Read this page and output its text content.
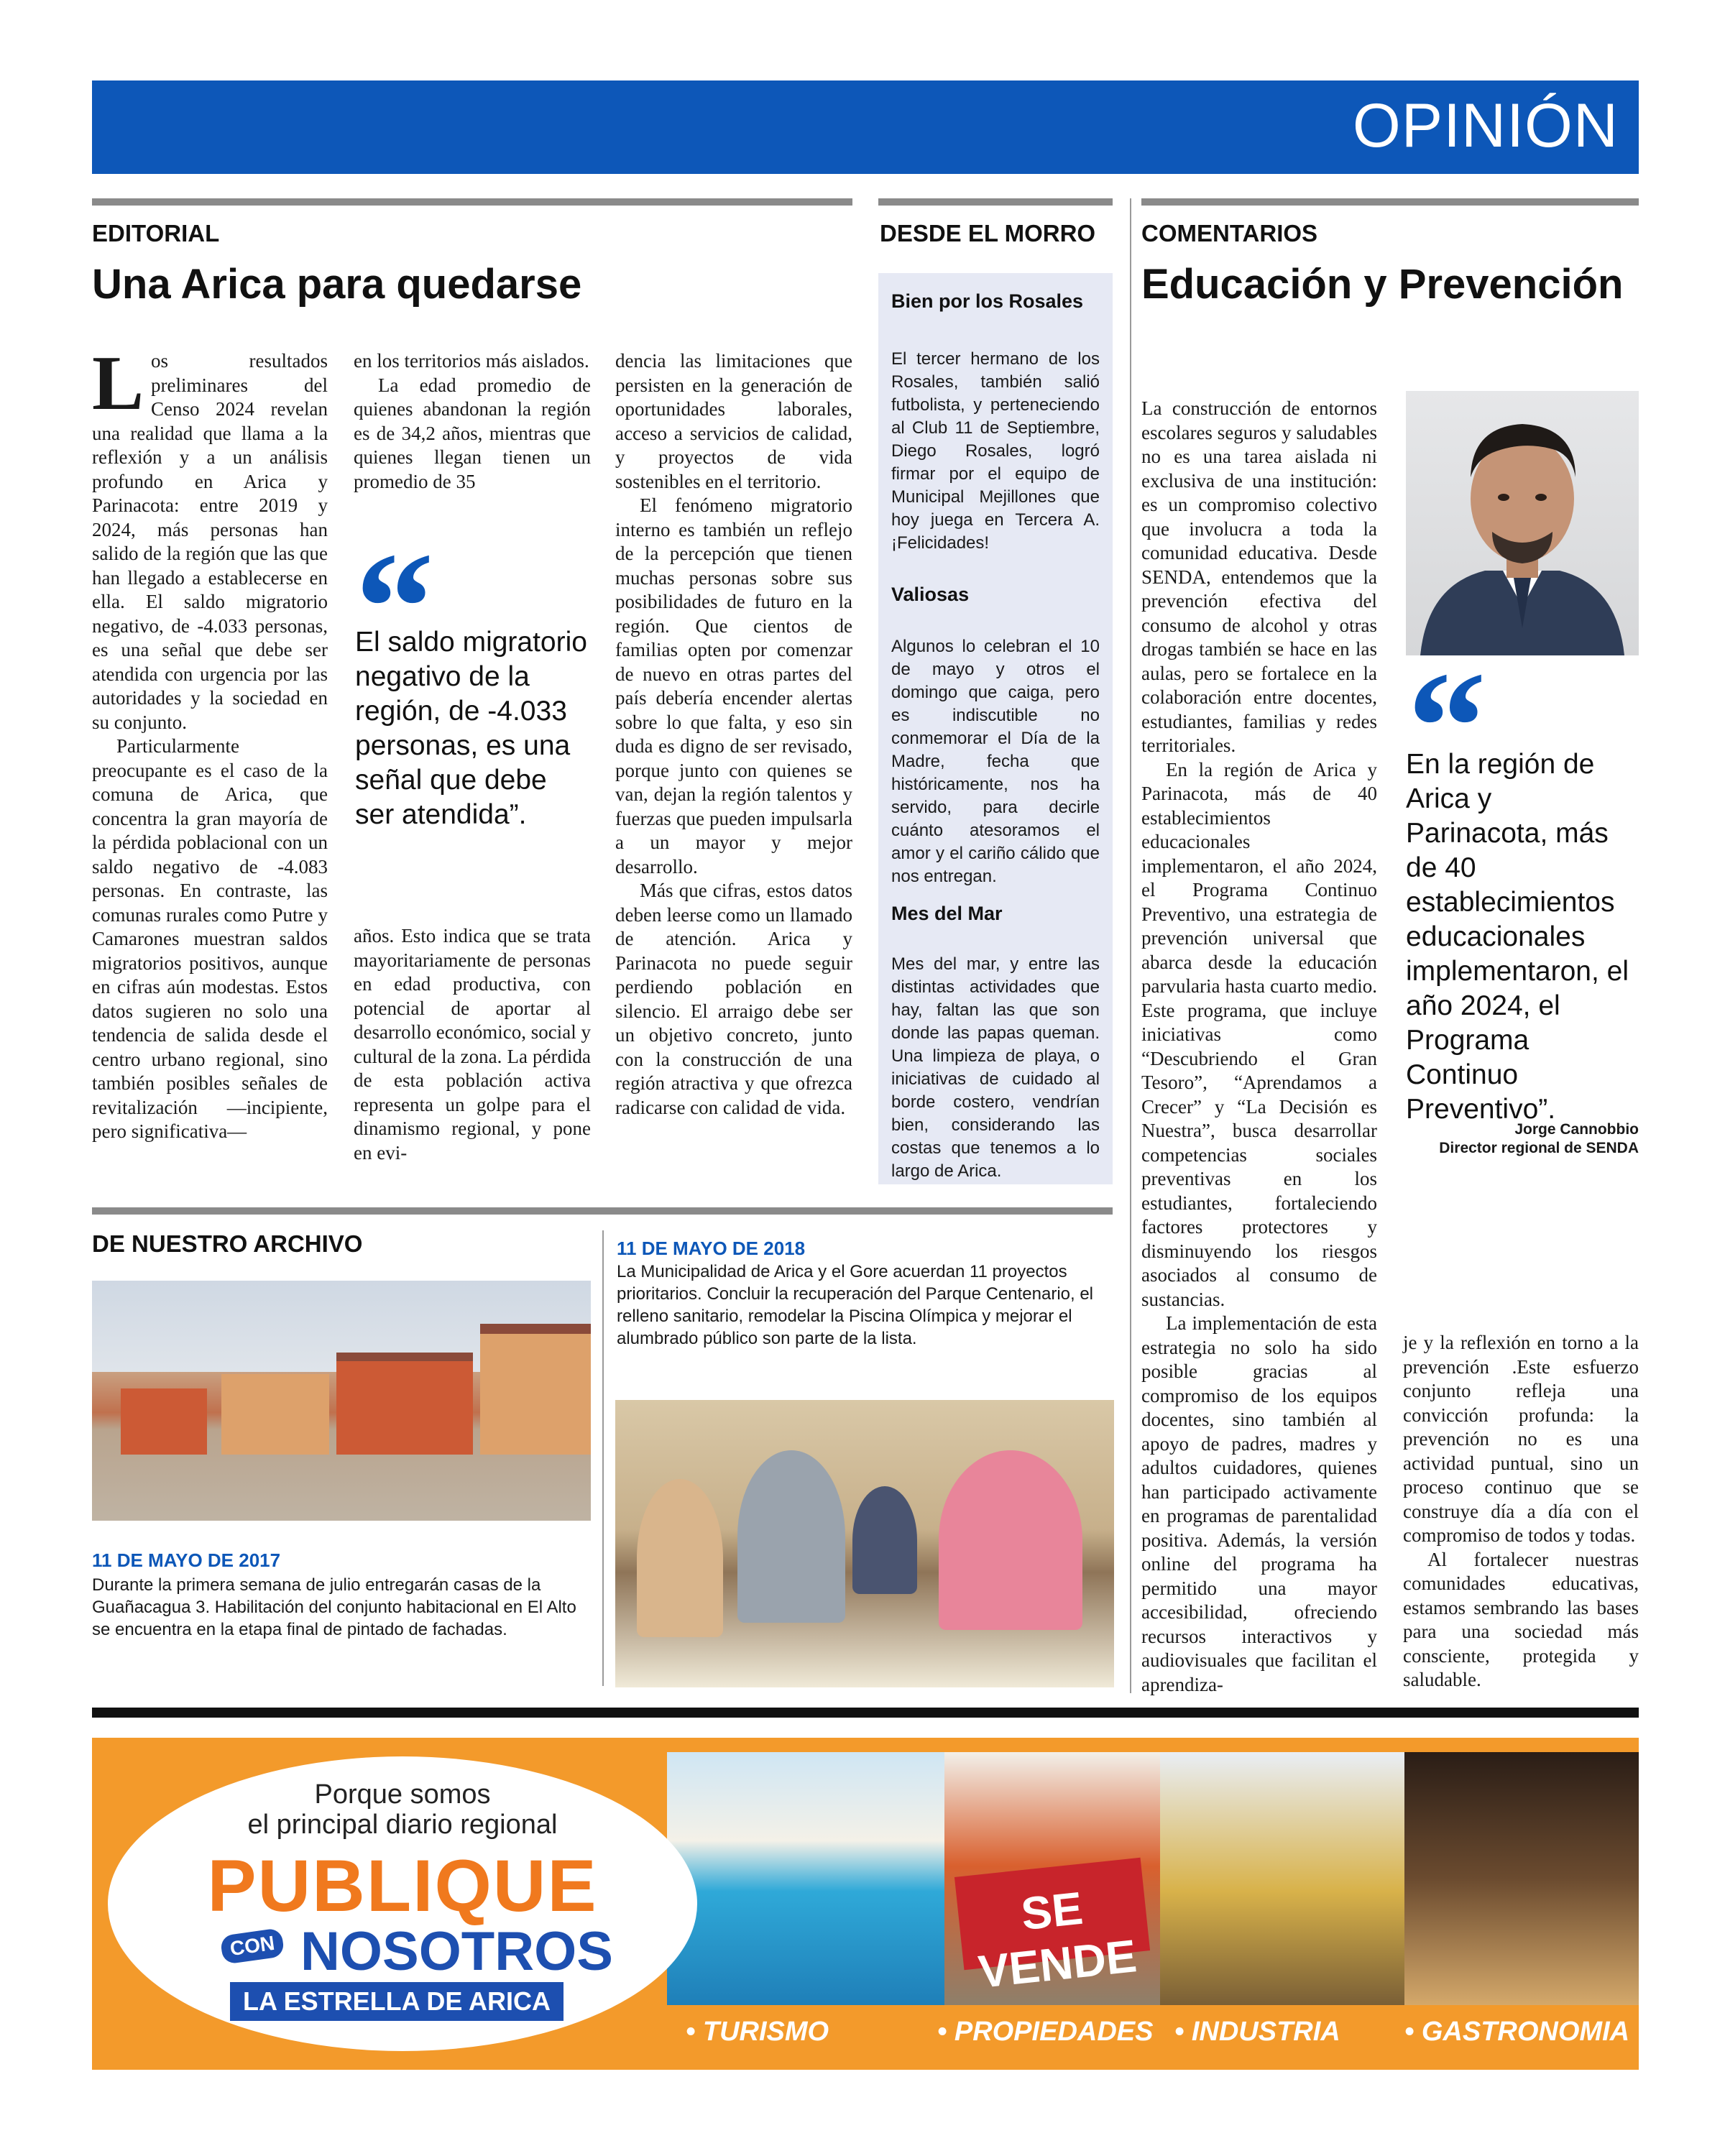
OPINIÓN
EDITORIAL
Una Arica para quedarse

Los resultados preliminares del Censo 2024 revelan una realidad que llama a la reflexión y a un análisis profundo en Arica y Parinacota: entre 2019 y 2024, más personas han salido de la región que las que han llegado a establecerse en ella. El saldo migratorio negativo, de -4.033 personas, es una señal que debe ser atendida con urgencia por las autoridades y la sociedad en su conjunto.

Particularmente preocupante es el caso de la comuna de Arica, que concentra la gran mayoría de la pérdida poblacional con un saldo negativo de -4.083 personas. En contraste, las comunas rurales como Putre y Camarones muestran saldos migratorios positivos, aunque en cifras aún modestas. Estos datos sugieren no solo una tendencia de salida desde el centro urbano regional, sino también posibles señales de revitalización —incipiente, pero significativa—

en los territorios más aislados.

La edad promedio de quienes abandonan la región es de 34,2 años, mientras que quienes llegan tienen un promedio de 35

El saldo migratorio negativo de la región, de -4.033 personas, es una señal que debe ser atendida”.

años. Esto indica que se trata mayoritariamente de personas en edad productiva, con potencial de aportar al desarrollo económico, social y cultural de la zona. La pérdida de esta población activa representa un golpe para el dinamismo regional, y pone en evi-

dencia las limitaciones que persisten en la generación de oportunidades laborales, acceso a servicios de calidad, y proyectos de vida sostenibles en el territorio.

El fenómeno migratorio interno es también un reflejo de la percepción que tienen muchas personas sobre sus posibilidades de futuro en la región. Que cientos de familias opten por comenzar de nuevo en otras partes del país debería encender alertas sobre lo que falta, y eso sin duda es digno de ser revisado, porque junto con quienes se van, dejan la región talentos y fuerzas que pueden impulsarla a un mayor y mejor desarrollo.

Más que cifras, estos datos deben leerse como un llamado de atención. Arica y Parinacota no puede seguir perdiendo población en silencio. El arraigo debe ser un objetivo concreto, junto con la construcción de una región atractiva y que ofrezca radicarse con calidad de vida.

DESDE EL MORRO
Bien por los Rosales
El tercer hermano de los Rosales, también salió futbolista, y perteneciendo al Club 11 de Septiembre, Diego Rosales, logró firmar por el equipo de Municipal Mejillones que hoy juega en Tercera A. ¡Felicidades!
Valiosas
Algunos lo celebran el 10 de mayo y otros el domingo que caiga, pero es indiscutible no conmemorar el Día de la Madre, fecha que históricamente, nos ha servido, para decirle cuánto atesoramos el amor y el cariño cálido que nos entregan.
Mes del Mar
Mes del mar, y entre las distintas actividades que hay, faltan las que son donde las papas queman. Una limpieza de playa, o iniciativas de cuidado al borde costero, vendrían bien, considerando las costas que tenemos a lo largo de Arica.
COMENTARIOS
Educación y Prevención

La construcción de entornos escolares seguros y saludables no es una tarea aislada ni exclusiva de una institución: es un compromiso colectivo que involucra a toda la comunidad educativa. Desde SENDA, entendemos que la prevención efectiva del consumo de alcohol y otras drogas también se hace en las aulas, pero se fortalece en la colaboración entre docentes, estudiantes, familias y redes territoriales.

En la región de Arica y Parinacota, más de 40 establecimientos educacionales implementaron, el año 2024, el Programa Continuo Preventivo, una estrategia de prevención universal que abarca desde la educación parvularia hasta cuarto medio. Este programa, que incluye iniciativas como “Descubriendo el Gran Tesoro”, “Aprendamos a Crecer” y “La Decisión es Nuestra”, busca desarrollar competencias sociales preventivas en los estudiantes, fortaleciendo factores protectores y disminuyendo los riesgos asociados al consumo de sustancias.

La implementación de esta estrategia no solo ha sido posible gracias al compromiso de los equipos docentes, sino también al apoyo de padres, madres y adultos cuidadores, quienes han participado activamente en programas de parentalidad positiva. Además, la versión online del programa ha permitido una mayor accesibilidad, ofreciendo recursos interactivos y audiovisuales que facilitan el aprendiza-

En la región de Arica y Parinacota, más de 40 establecimientos educacionales implementaron, el año 2024, el Programa Continuo Preventivo”.
Jorge Cannobbio
Director regional de SENDA

je y la reflexión en torno a la prevención .Este esfuerzo conjunto refleja una convicción profunda: la prevención no es una actividad puntual, sino un proceso continuo que se construye día a día con el compromiso de todos y todas.

Al fortalecer nuestras comunidades educativas, estamos sembrando las bases para una sociedad más consciente, protegida y saludable.

DE NUESTRO ARCHIVO
11 DE MAYO DE 2017
Durante la primera semana de julio entregarán casas de la Guañacagua 3. Habilitación del conjunto habitacional en El Alto se encuentra en la etapa final de pintado de fachadas.
11 DE MAYO DE 2018
La Municipalidad de Arica y el Gore acuerdan 11 proyectos prioritarios. Concluir la recuperación del Parque Centenario, el relleno sanitario, remodelar la Piscina Olímpica y mejorar el alumbrado público son parte de la lista.
SE VENDE
• TURISMO	• PROPIEDADES • INDUSTRIA • GASTRONOMIA
Porque somos
el principal diario regional
PUBLIQUE
CON NOSOTROS
LA ESTRELLA DE ARICA
